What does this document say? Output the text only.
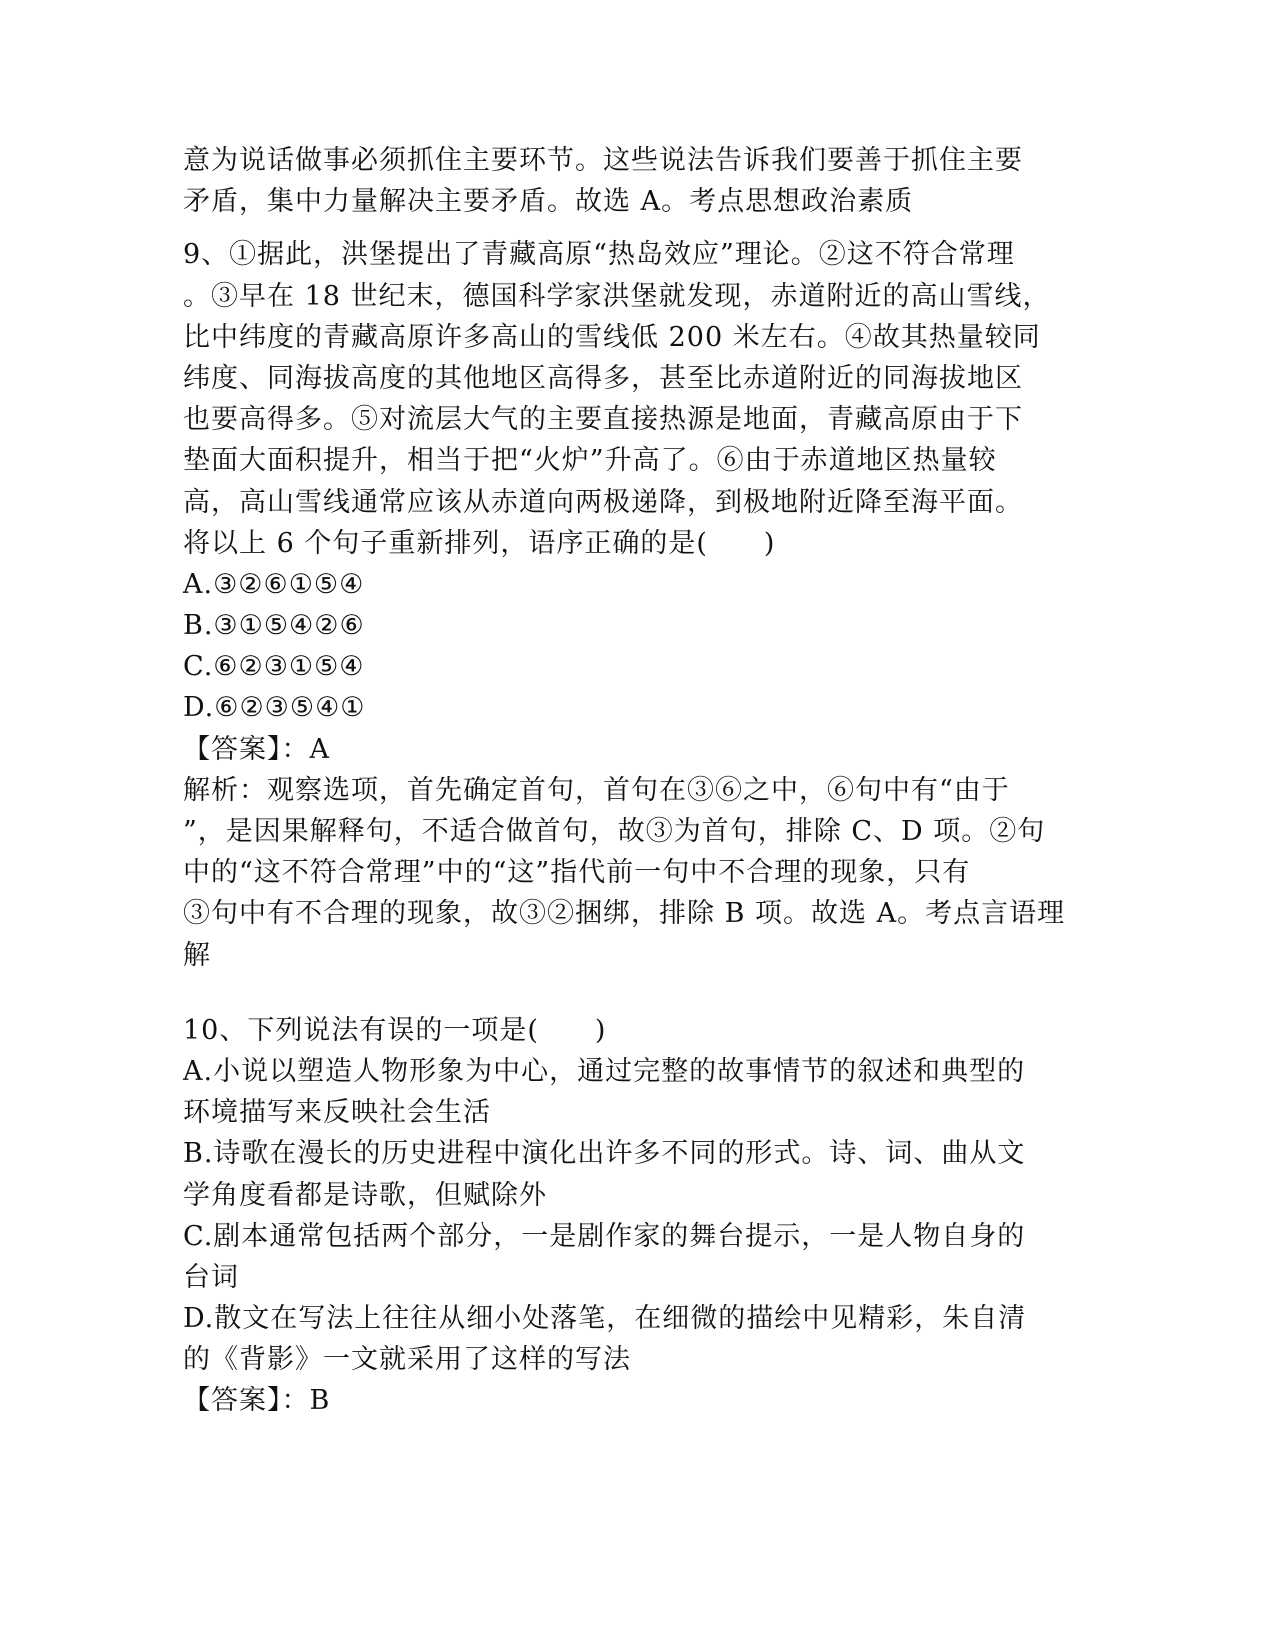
意为说话做事必须抓住主要环节。这些说法告诉我们要善于抓住主要
矛盾，集中力量解决主要矛盾。故选 A。考点思想政治素质
9、①据此，洪堡提出了青藏高原“热岛效应”理论。②这不符合常理
。③早在 18 世纪末，德国科学家洪堡就发现，赤道附近的高山雪线，
比中纬度的青藏高原许多高山的雪线低 200 米左右。④故其热量较同
纬度、同海拔高度的其他地区高得多，甚至比赤道附近的同海拔地区
也要高得多。⑤对流层大气的主要直接热源是地面，青藏高原由于下
垫面大面积提升，相当于把“火炉”升高了。⑥由于赤道地区热量较
高，高山雪线通常应该从赤道向两极递降，到极地附近降至海平面。
将以上 6 个句子重新排列，语序正确的是(　　)
A.③②⑥①⑤④
B.③①⑤④②⑥
C.⑥②③①⑤④
D.⑥②③⑤④①
【答案】：A
解析：观察选项，首先确定首句，首句在③⑥之中，⑥句中有“由于
”，是因果解释句，不适合做首句，故③为首句，排除 C、D 项。②句
中的“这不符合常理”中的“这”指代前一句中不合理的现象，只有
③句中有不合理的现象，故③②捆绑，排除 B 项。故选 A。考点言语理
解
10、下列说法有误的一项是(　　)
A.小说以塑造人物形象为中心，通过完整的故事情节的叙述和典型的
环境描写来反映社会生活
B.诗歌在漫长的历史进程中演化出许多不同的形式。诗、词、曲从文
学角度看都是诗歌，但赋除外
C.剧本通常包括两个部分，一是剧作家的舞台提示，一是人物自身的
台词
D.散文在写法上往往从细小处落笔，在细微的描绘中见精彩，朱自清
的《背影》一文就采用了这样的写法
【答案】：B
